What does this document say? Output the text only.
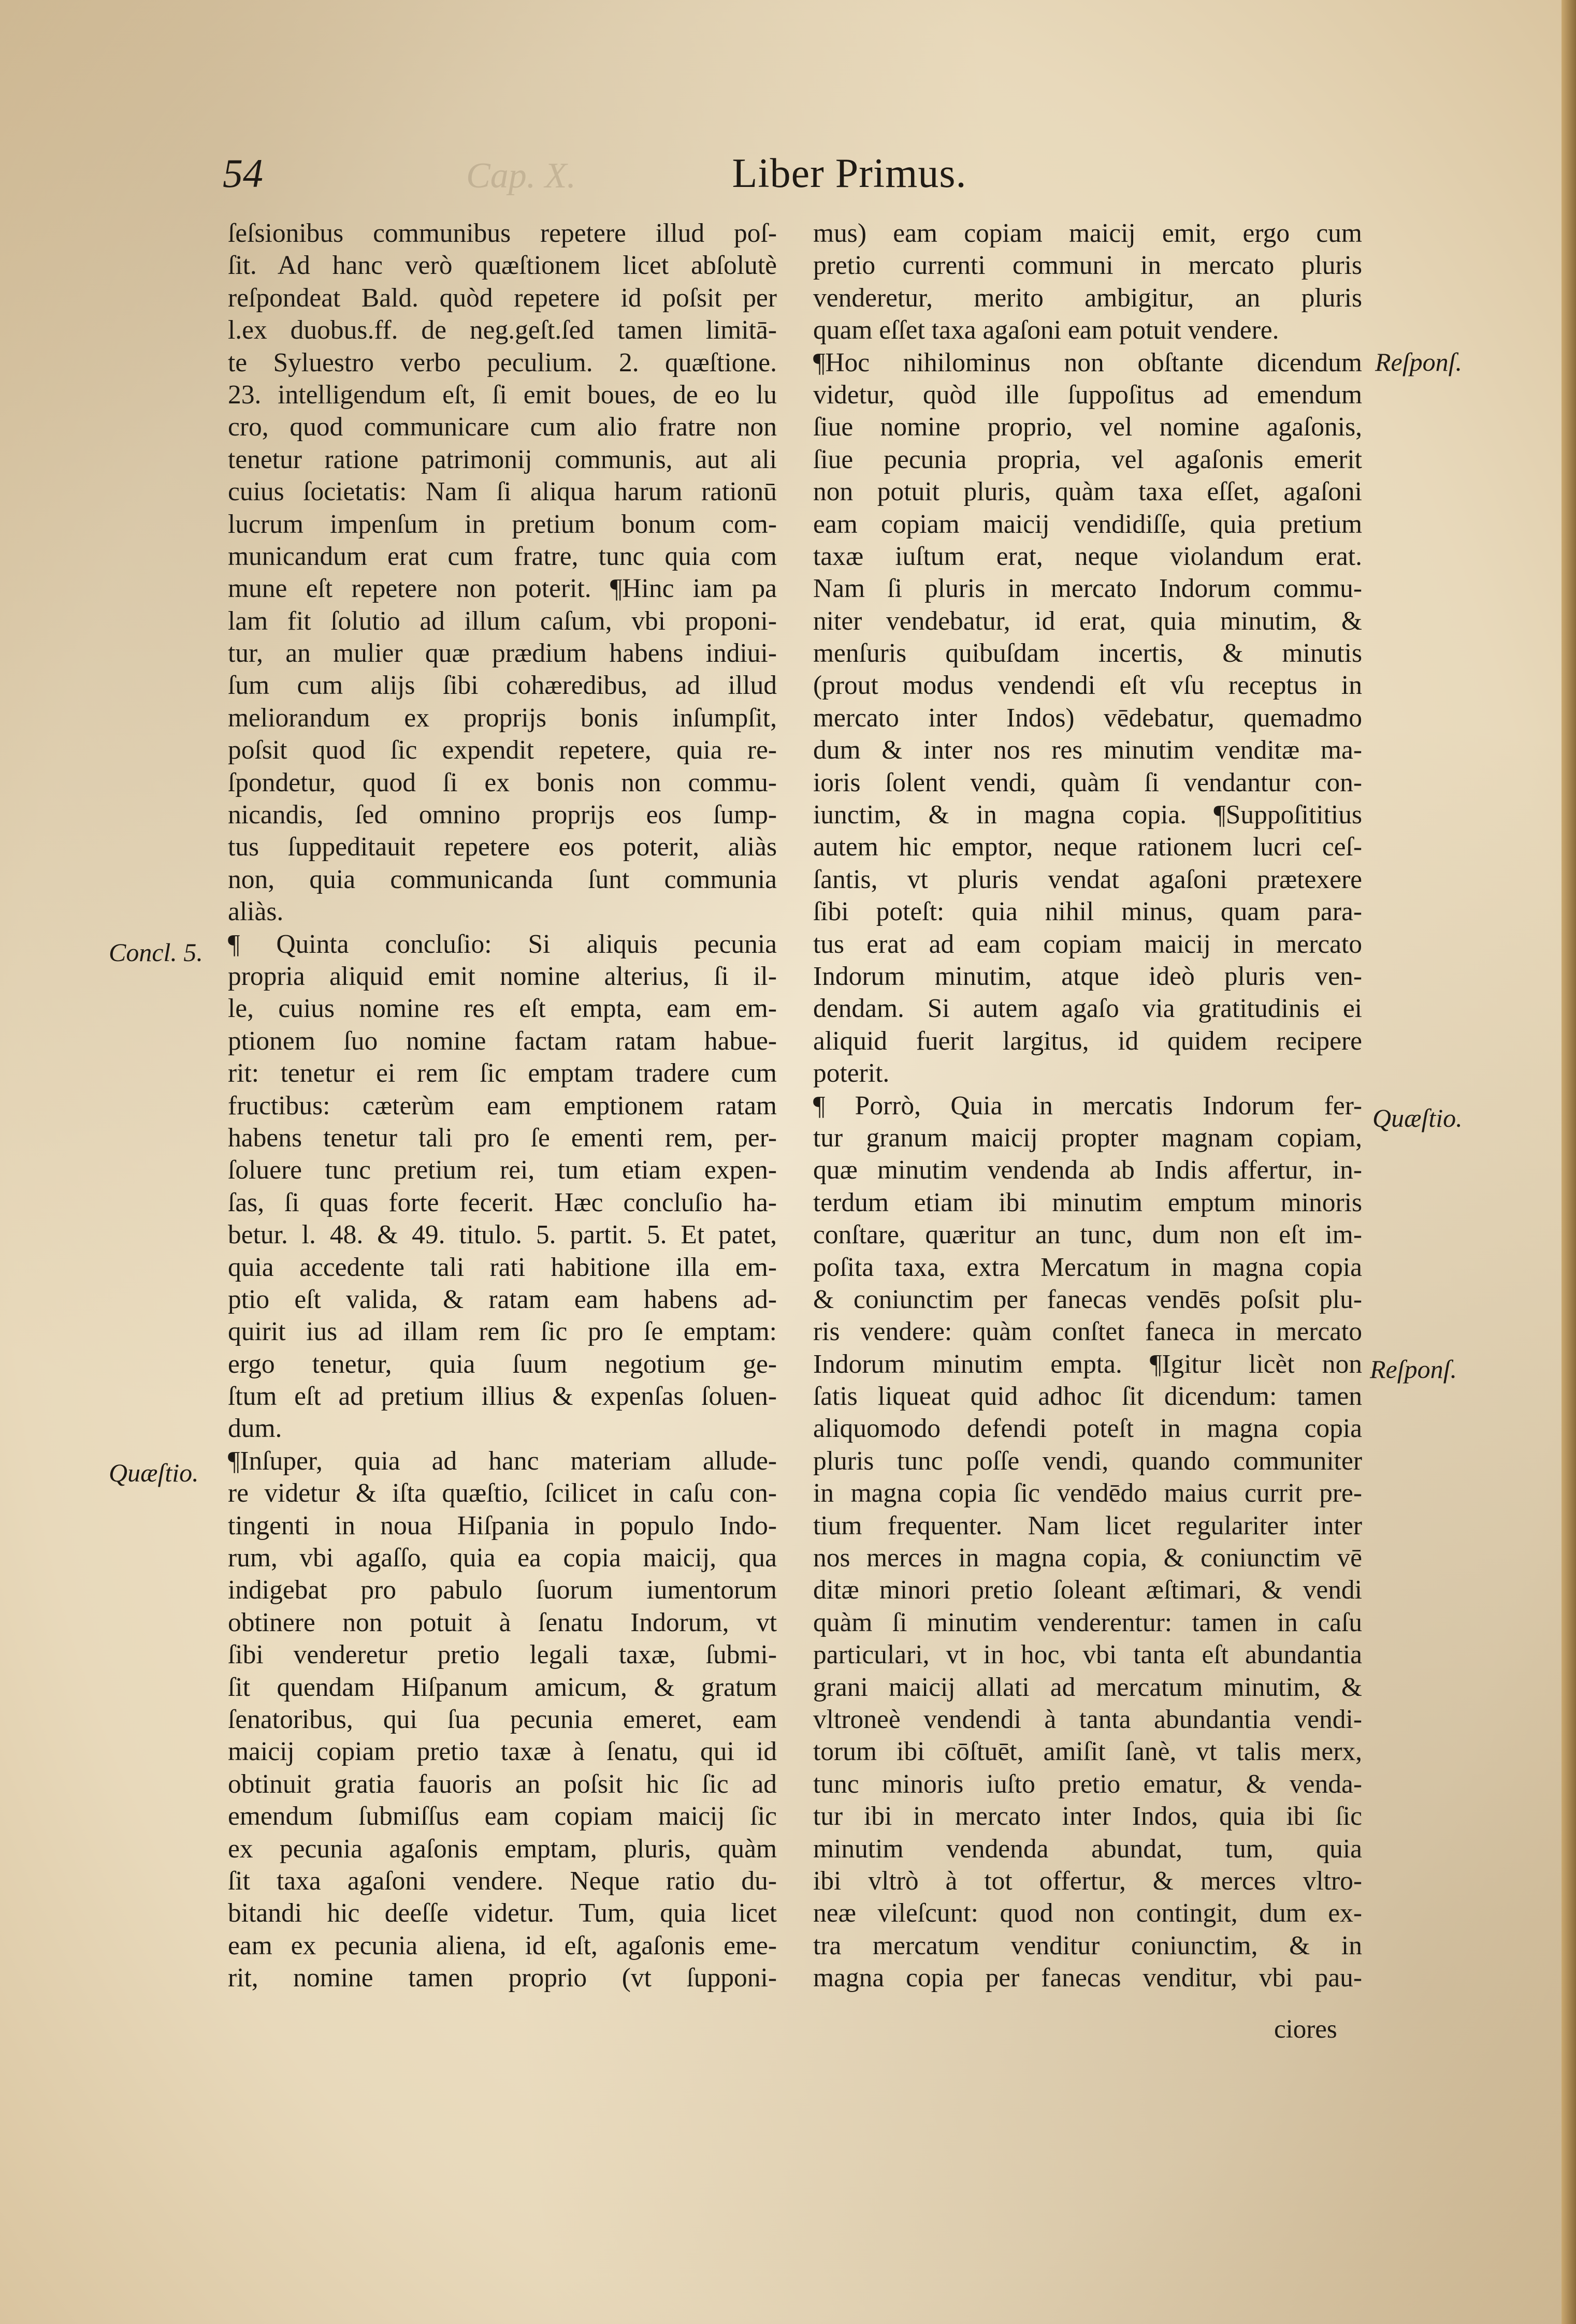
Cap. X.
54	Liber Primus.
ſeſsionibus communibus repetere illud poſ-
ſit. Ad hanc verò quæſtionem licet abſolutè
reſpondeat Bald. quòd repetere id poſsit per
l.ex duobus.ff. de neg.geſt.ſed tamen limitā-
te Syluestro verbo peculium. 2. quæſtione.
23. intelligendum eſt, ſi emit boues, de eo lu
cro, quod communicare cum alio fratre non
tenetur ratione patrimonij communis, aut ali
cuius ſocietatis: Nam ſi aliqua harum rationū
lucrum impenſum in pretium bonum com-
municandum erat cum fratre, tunc quia com
mune eſt repetere non poterit. ¶Hinc iam pa
lam fit ſolutio ad illum caſum, vbi proponi-
tur, an mulier quæ prædium habens indiui-
ſum cum alijs ſibi cohæredibus, ad illud
meliorandum ex proprijs bonis inſumpſit,
poſsit quod ſic expendit repetere, quia re-
ſpondetur, quod ſi ex bonis non commu-
nicandis, ſed omnino proprijs eos ſump-
tus ſuppeditauit repetere eos poterit, aliàs
non, quia communicanda ſunt communia
aliàs.
¶ Quinta concluſio: Si aliquis pecunia
propria aliquid emit nomine alterius, ſi il-
le, cuius nomine res eſt empta, eam em-
ptionem ſuo nomine factam ratam habue-
rit: tenetur ei rem ſic emptam tradere cum
fructibus: cæterùm eam emptionem ratam
habens tenetur tali pro ſe ementi rem, per-
ſoluere tunc pretium rei, tum etiam expen-
ſas, ſi quas forte fecerit. Hæc concluſio ha-
betur. l. 48. & 49. titulo. 5. partit. 5. Et patet,
quia accedente tali rati habitione illa em-
ptio eſt valida, & ratam eam habens ad-
quirit ius ad illam rem ſic pro ſe emptam:
ergo tenetur, quia ſuum negotium ge-
ſtum eſt ad pretium illius & expenſas ſoluen-
dum.
¶Inſuper, quia ad hanc materiam allude-
re videtur & iſta quæſtio, ſcilicet in caſu con-
tingenti in noua Hiſpania in populo Indo-
rum, vbi agaſſo, quia ea copia maicij, qua
indigebat pro pabulo ſuorum iumentorum
obtinere non potuit à ſenatu Indorum, vt
ſibi venderetur pretio legali taxæ, ſubmi-
ſit quendam Hiſpanum amicum, & gratum
ſenatoribus, qui ſua pecunia emeret, eam
maicij copiam pretio taxæ à ſenatu, qui id
obtinuit gratia fauoris an poſsit hic ſic ad
emendum ſubmiſſus eam copiam maicij ſic
ex pecunia agaſonis emptam, pluris, quàm
ſit taxa agaſoni vendere. Neque ratio du-
bitandi hic deeſſe videtur. Tum, quia licet
eam ex pecunia aliena, id eſt, agaſonis eme-
rit, nomine tamen proprio (vt ſupponi-
mus) eam copiam maicij emit, ergo cum
pretio currenti communi in mercato pluris
venderetur, merito ambigitur, an pluris
quam eſſet taxa agaſoni eam potuit vendere.
¶Hoc nihilominus non obſtante dicendum
videtur, quòd ille ſuppoſitus ad emendum
ſiue nomine proprio, vel nomine agaſonis,
ſiue pecunia propria, vel agaſonis emerit
non potuit pluris, quàm taxa eſſet, agaſoni
eam copiam maicij vendidiſſe, quia pretium
taxæ iuſtum erat, neque violandum erat.
Nam ſi pluris in mercato Indorum commu-
niter vendebatur, id erat, quia minutim, &
menſuris quibuſdam incertis, & minutis
(prout modus vendendi eſt vſu receptus in
mercato inter Indos) vēdebatur, quemadmo
dum & inter nos res minutim venditæ ma-
ioris ſolent vendi, quàm ſi vendantur con-
iunctim, & in magna copia. ¶Suppoſititius
autem hic emptor, neque rationem lucri ceſ-
ſantis, vt pluris vendat agaſoni prætexere
ſibi poteſt: quia nihil minus, quam para-
tus erat ad eam copiam maicij in mercato
Indorum minutim, atque ideò pluris ven-
dendam. Si autem agaſo via gratitudinis ei
aliquid fuerit largitus, id quidem recipere
poterit.
¶ Porrò, Quia in mercatis Indorum fer-
tur granum maicij propter magnam copiam,
quæ minutim vendenda ab Indis affertur, in-
terdum etiam ibi minutim emptum minoris
conſtare, quæritur an tunc, dum non eſt im-
poſita taxa, extra Mercatum in magna copia
& coniunctim per fanecas vendēs poſsit plu-
ris vendere: quàm conſtet faneca in mercato
Indorum minutim empta. ¶Igitur licèt non
ſatis liqueat quid adhoc ſit dicendum: tamen
aliquomodo defendi poteſt in magna copia
pluris tunc poſſe vendi, quando communiter
in magna copia ſic vendēdo maius currit pre-
tium frequenter. Nam licet regulariter inter
nos merces in magna copia, & coniunctim vē
ditæ minori pretio ſoleant æſtimari, & vendi
quàm ſi minutim venderentur: tamen in caſu
particulari, vt in hoc, vbi tanta eſt abundantia
grani maicij allati ad mercatum minutim, &
vltroneè vendendi à tanta abundantia vendi-
torum ibi cōſtuēt, amiſit ſanè, vt talis merx,
tunc minoris iuſto pretio ematur, & venda-
tur ibi in mercato inter Indos, quia ibi ſic
minutim vendenda abundat, tum, quia
ibi vltrò à tot offertur, & merces vltro-
neæ vileſcunt: quod non contingit, dum ex-
tra mercatum venditur coniunctim, & in
magna copia per fanecas venditur, vbi pau-
Concl. 5.
Quæſtio.
Reſponſ.
Quæſtio.
Reſponſ.
ciores
